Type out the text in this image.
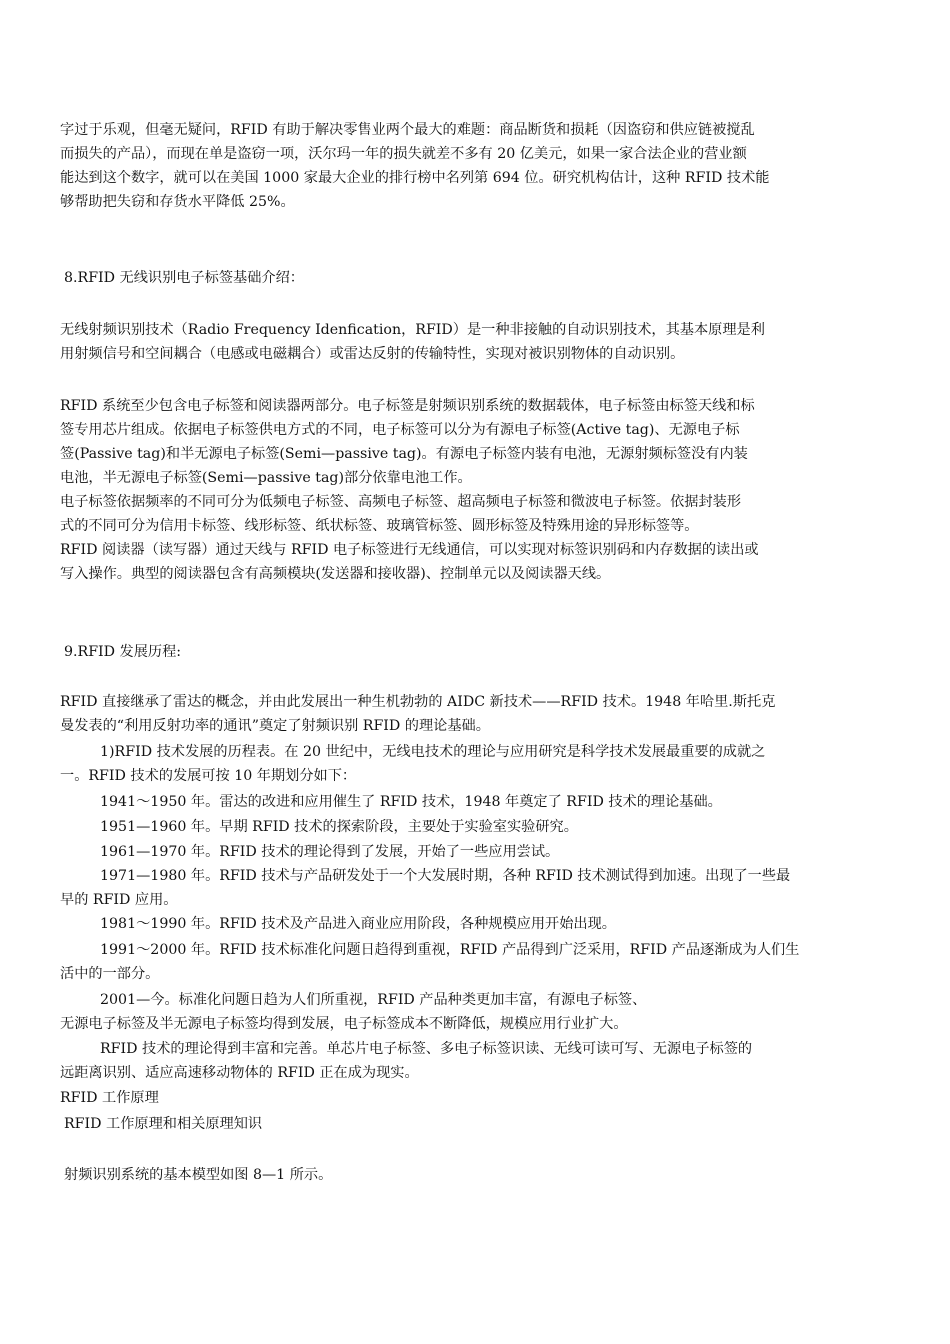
字过于乐观，但毫无疑问，RFID 有助于解决零售业两个最大的难题：商品断货和损耗（因盗窃和供应链被搅乱
而损失的产品），而现在单是盗窃一项，沃尔玛一年的损失就差不多有 20 亿美元，如果一家合法企业的营业额
能达到这个数字，就可以在美国 1000 家最大企业的排行榜中名列第 694 位。研究机构估计，这种 RFID 技术能
够帮助把失窃和存货水平降低 25%。
8.RFID 无线识别电子标签基础介绍：
无线射频识别技术（Radio Frequency Idenfication，RFID）是一种非接触的自动识别技术，其基本原理是利
用射频信号和空间耦合（电感或电磁耦合）或雷达反射的传输特性，实现对被识别物体的自动识别。
RFID 系统至少包含电子标签和阅读器两部分。电子标签是射频识别系统的数据载体，电子标签由标签天线和标
签专用芯片组成。依据电子标签供电方式的不同，电子标签可以分为有源电子标签(Active tag)、无源电子标
签(Passive tag)和半无源电子标签(Semi—passive tag)。有源电子标签内装有电池，无源射频标签没有内装
电池，半无源电子标签(Semi—passive tag)部分依靠电池工作。
电子标签依据频率的不同可分为低频电子标签、高频电子标签、超高频电子标签和微波电子标签。依据封装形
式的不同可分为信用卡标签、线形标签、纸状标签、玻璃管标签、圆形标签及特殊用途的异形标签等。
RFID 阅读器（读写器）通过天线与 RFID 电子标签进行无线通信，可以实现对标签识别码和内存数据的读出或
写入操作。典型的阅读器包含有高频模块(发送器和接收器)、控制单元以及阅读器天线。
9.RFID 发展历程:
RFID 直接继承了雷达的概念，并由此发展出一种生机勃勃的 AIDC 新技术——RFID 技术。1948 年哈里.斯托克
曼发表的“利用反射功率的通讯”奠定了射频识别 RFID 的理论基础。
1)RFID 技术发展的历程表。在 20 世纪中，无线电技术的理论与应用研究是科学技术发展最重要的成就之
一。RFID 技术的发展可按 10 年期划分如下：
1941～1950 年。雷达的改进和应用催生了 RFID 技术，1948 年奠定了 RFID 技术的理论基础。
1951—1960 年。早期 RFID 技术的探索阶段，主要处于实验室实验研究。
1961—1970 年。RFID 技术的理论得到了发展，开始了一些应用尝试。
1971—1980 年。RFID 技术与产品研发处于一个大发展时期，各种 RFID 技术测试得到加速。出现了一些最
早的 RFID 应用。
1981～1990 年。RFID 技术及产品进入商业应用阶段，各种规模应用开始出现。
1991～2000 年。RFID 技术标准化问题日趋得到重视，RFID 产品得到广泛采用，RFID 产品逐渐成为人们生
活中的一部分。
2001—今。标准化问题日趋为人们所重视，RFID 产品种类更加丰富，有源电子标签、
无源电子标签及半无源电子标签均得到发展，电子标签成本不断降低，规模应用行业扩大。
RFID 技术的理论得到丰富和完善。单芯片电子标签、多电子标签识读、无线可读可写、无源电子标签的
远距离识别、适应高速移动物体的 RFID 正在成为现实。
RFID 工作原理
RFID 工作原理和相关原理知识
射频识别系统的基本模型如图 8—1 所示。
